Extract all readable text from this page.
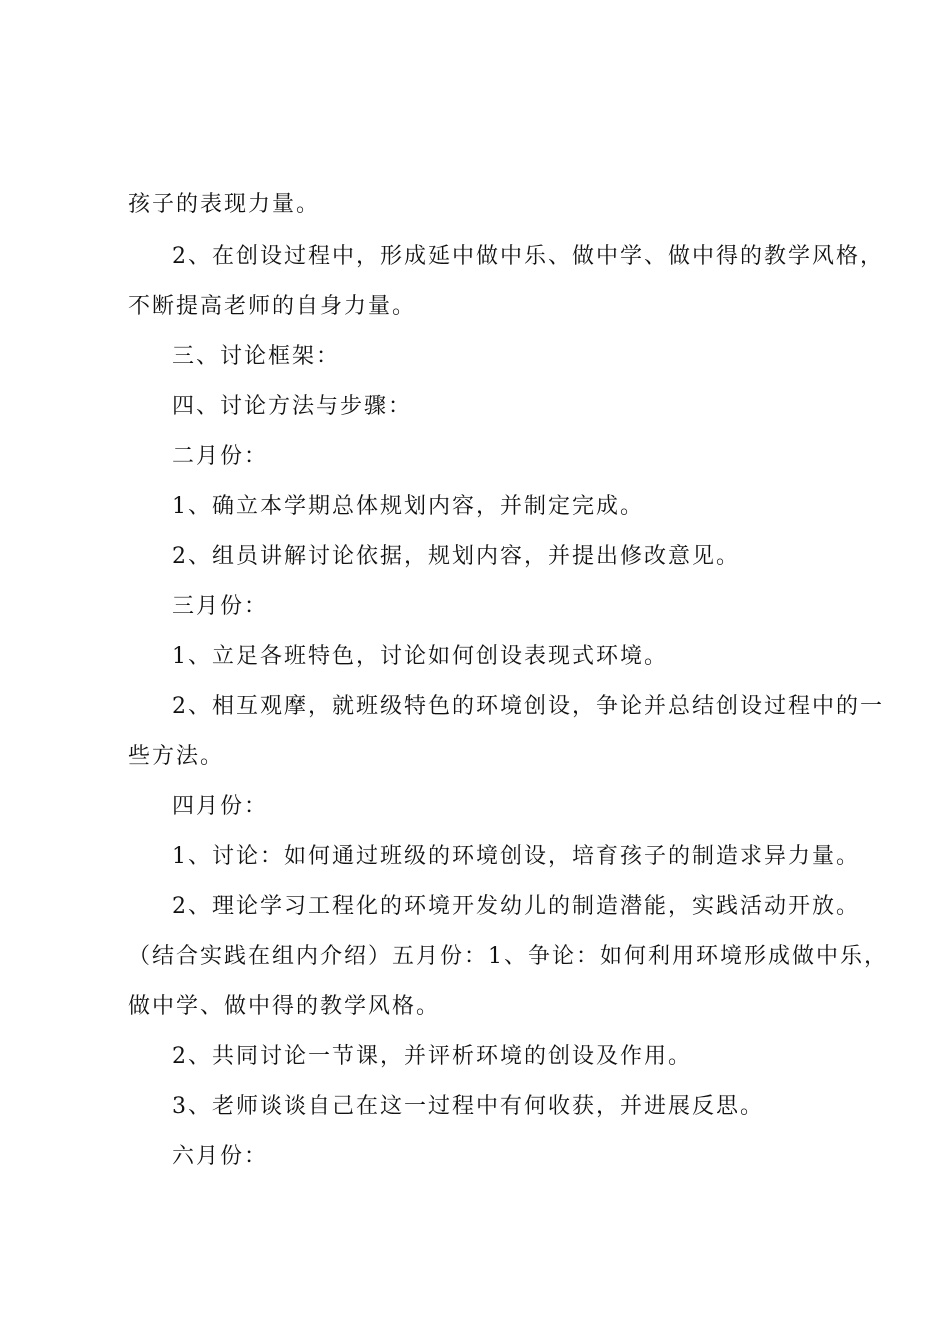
孩子的表现力量。
2、在创设过程中，形成延中做中乐、做中学、做中得的教学风格，
不断提高老师的自身力量。
三、讨论框架：
四、讨论方法与步骤：
二月份：
1、确立本学期总体规划内容，并制定完成。
2、组员讲解讨论依据，规划内容，并提出修改意见。
三月份：
1、立足各班特色，讨论如何创设表现式环境。
2、相互观摩，就班级特色的环境创设，争论并总结创设过程中的一
些方法。
四月份：
1、讨论：如何通过班级的环境创设，培育孩子的制造求异力量。
2、理论学习工程化的环境开发幼儿的制造潜能，实践活动开放。
（结合实践在组内介绍）五月份：1、争论：如何利用环境形成做中乐，
做中学、做中得的教学风格。
2、共同讨论一节课，并评析环境的创设及作用。
3、老师谈谈自己在这一过程中有何收获，并进展反思。
六月份：
